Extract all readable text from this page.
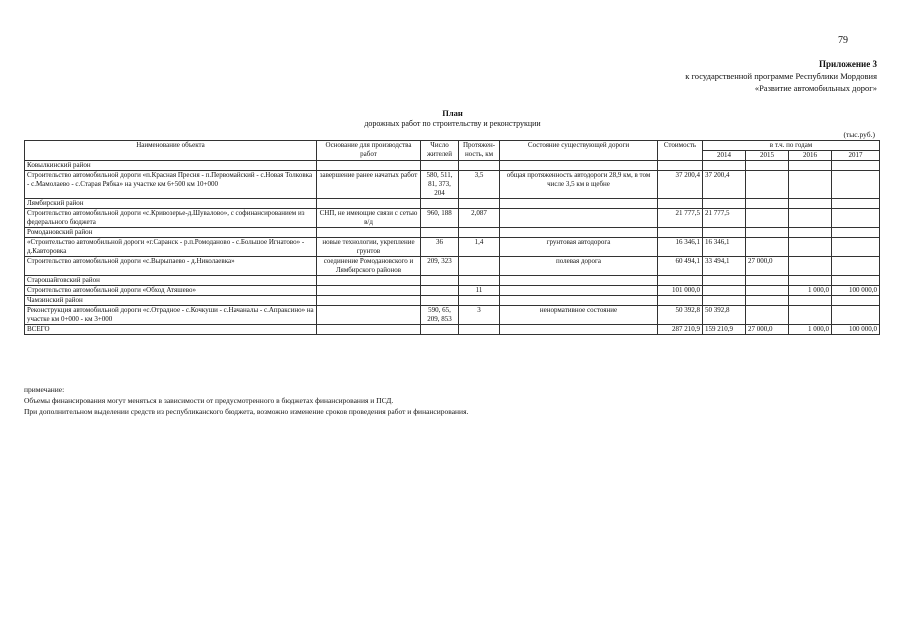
79
Приложение 3
к государственной программе Республики Мордовия
«Развитие автомобильных дорог»
План
дорожных работ по строительству и реконструкции
(тыс.руб.)
Наименование объекта	Основание для производства работ	Число жителей	Протяжен-ность, км	Состояние существующей дороги	Стоимость	в т.ч. по годам			
						2014	2015	2016	2017
Ковылкинский район									
Строительство автомобильной дороги «п.Красная Пресня - п.Первомайский - с.Новая Толковка - с.Мамолаево - с.Старая Рябка» на участке км 6+500 км 10+000	завершение ранее начатых работ	580, 511, 81, 373, 204	3,5	общая протяженность автодороги 28,9 км, в том числе 3,5 км в щебне	37 200,4	37 200,4			
Лямбирский район									
Строительство автомобильной дороги «с.Кривозерье-д.Шувалово», с софинансированием из федерального бюджета	СНП, не имеющие связи с сетью в/д	960, 188	2,087		21 777,5	21 777,5			
Ромодановский район									
«Строительство автомобильной дороги «г.Саранск - р.п.Ромоданово - с.Большое Игнатово» - д.Кавторовка	новые технологии, укрепление грунтов	36	1,4	грунтовая автодорога	16 346,1	16 346,1			
Строительство автомобильной дороги «с.Вырыпаево - д.Николаевка»	соединение Ромодановского и Лямбирского районов	209, 323		полевая дорога	60 494,1	33 494,1	27 000,0		
Старошайговский район									
Строительство автомобильной дороги «Обход Атяшево»			11		101 000,0			1 000,0	100 000,0
Чамзинский район									
Реконструкция автомобильной дороги «с.Отрадное - с.Кочкуши - с.Начаналы - с.Апраксино» на участке км 0+000 - км 3+000		590, 65, 209, 853	3	ненормативное состояние	50 392,8	50 392,8			
ВСЕГО					287 210,9	159 210,9	27 000,0	1 000,0	100 000,0
примечание:
Объемы финансирования могут меняться в зависимости от предусмотренного в бюджетах финансирования и ПСД.
При дополнительном выделении средств из республиканского бюджета, возможно изменение сроков проведения работ и финансирования.
